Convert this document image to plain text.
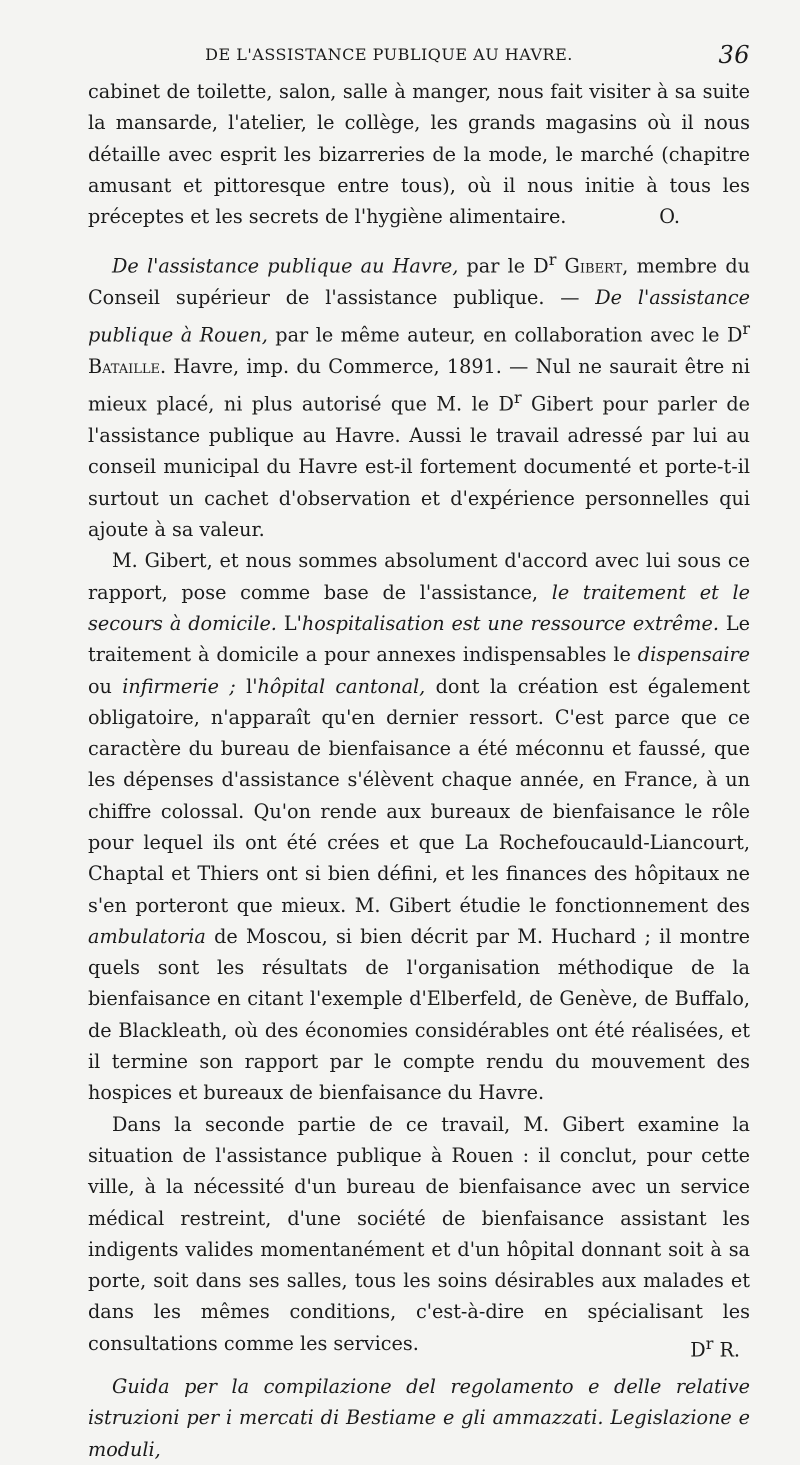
DE L'ASSISTANCE PUBLIQUE AU HAVRE.	36

cabinet de toilette, salon, salle à manger, nous fait visiter à sa suite la mansarde, l'atelier, le collège, les grands magasins où il nous détaille avec esprit les bizarreries de la mode, le marché (chapitre amusant et pittoresque entre tous), où il nous initie à tous les préceptes et les secrets de l'hygiène alimentaire.	O.

De l'assistance publique au Havre, par le $D^r$ Gibert, membre du Conseil supérieur de l'assistance publique. — De l'assistance publique à Rouen, par le même auteur, en collaboration avec le $D^r$ Bataille. Havre, imp. du Commerce, 1891. — Nul ne saurait être ni mieux placé, ni plus autorisé que M. le $D^r$ Gibert pour parler de l'assistance publique au Havre. Aussi le travail adressé par lui au conseil municipal du Havre est-il fortement documenté et porte-t-il surtout un cachet d'observation et d'expérience personnelles qui ajoute à sa valeur.

M. Gibert, et nous sommes absolument d'accord avec lui sous ce rapport, pose comme base de l'assistance, le traitement et le secours à domicile. L'hospitalisation est une ressource extrême. Le traitement à domicile a pour annexes indispensables le dispensaire ou infirmerie ; l'hôpital cantonal, dont la création est également obligatoire, n'apparaît qu'en dernier ressort. C'est parce que ce caractère du bureau de bienfaisance a été méconnu et faussé, que les dépenses d'assistance s'élèvent chaque année, en France, à un chiffre colossal. Qu'on rende aux bureaux de bienfaisance le rôle pour lequel ils ont été crées et que La Rochefoucauld-Liancourt, Chaptal et Thiers ont si bien défini, et les finances des hôpitaux ne s'en porteront que mieux. M. Gibert étudie le fonctionnement des ambulatoria de Moscou, si bien décrit par M. Huchard ; il montre quels sont les résultats de l'organisation méthodique de la bienfaisance en citant l'exemple d'Elberfeld, de Genève, de Buffalo, de Blackleath, où des économies considérables ont été réalisées, et il termine son rapport par le compte rendu du mouvement des hospices et bureaux de bienfaisance du Havre.

Dans la seconde partie de ce travail, M. Gibert examine la situation de l'assistance publique à Rouen : il conclut, pour cette ville, à la nécessité d'un bureau de bienfaisance avec un service médical restreint, d'une société de bienfaisance assistant les indigents valides momentanément et d'un hôpital donnant soit à sa porte, soit dans ses salles, tous les soins désirables aux malades et dans les mêmes conditions, c'est-à-dire en spécialisant les consultations comme les services.	$D^r$ R.

Guida per la compilazione del regolamento e delle relative istruzioni per i mercati di Bestiame e gli ammazzati. Legislazione e moduli,
